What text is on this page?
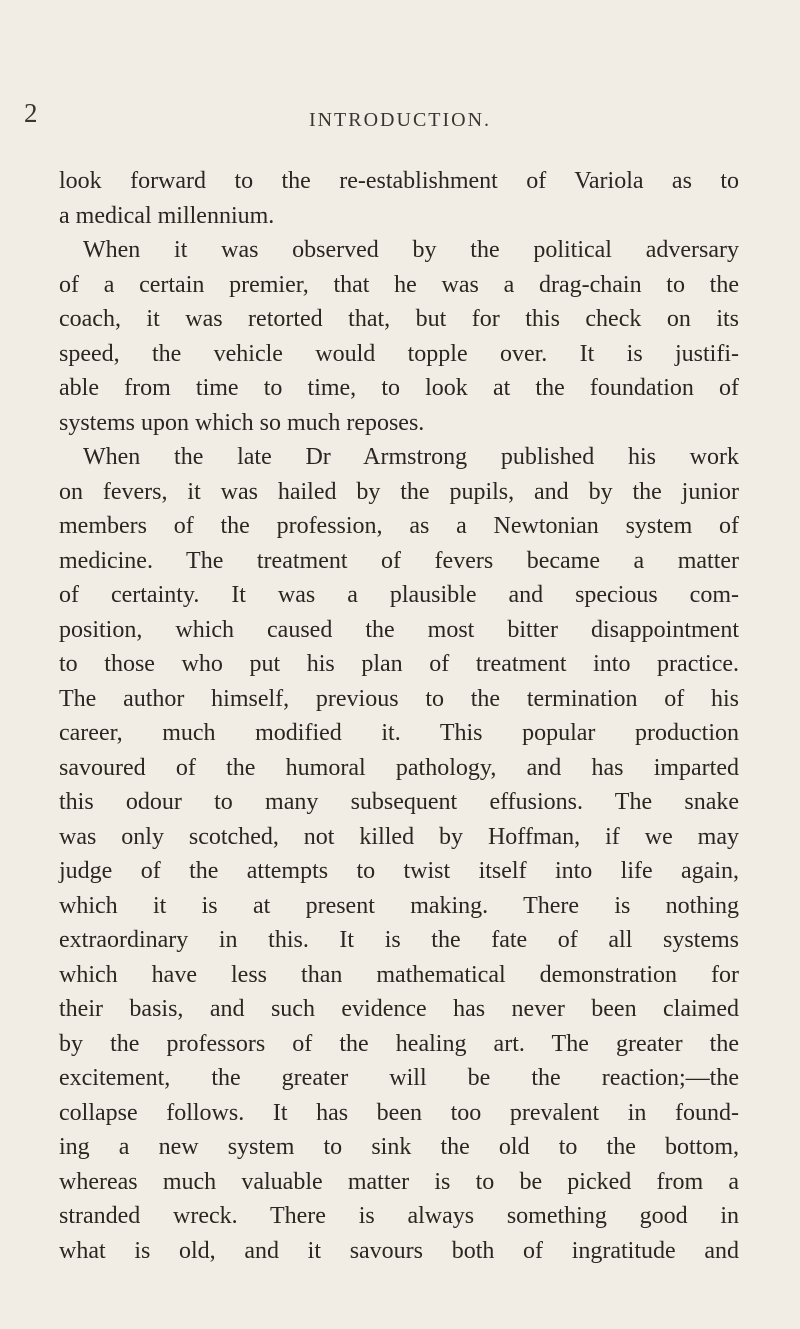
2	INTRODUCTION.
look forward to the re-establishment of Variola as to
a medical millennium.
When it was observed by the political adversary
of a certain premier, that he was a drag-chain to the
coach, it was retorted that, but for this check on its
speed, the vehicle would topple over. It is justifi-
able from time to time, to look at the foundation of
systems upon which so much reposes.
When the late Dr Armstrong published his work
on fevers, it was hailed by the pupils, and by the junior
members of the profession, as a Newtonian system of
medicine. The treatment of fevers became a matter
of certainty. It was a plausible and specious com-
position, which caused the most bitter disappointment
to those who put his plan of treatment into practice.
The author himself, previous to the termination of his
career, much modified it. This popular production
savoured of the humoral pathology, and has imparted
this odour to many subsequent effusions. The snake
was only scotched, not killed by Hoffman, if we may
judge of the attempts to twist itself into life again,
which it is at present making. There is nothing
extraordinary in this. It is the fate of all systems
which have less than mathematical demonstration for
their basis, and such evidence has never been claimed
by the professors of the healing art. The greater the
excitement, the greater will be the reaction;—the
collapse follows. It has been too prevalent in found-
ing a new system to sink the old to the bottom,
whereas much valuable matter is to be picked from a
stranded wreck. There is always something good in
what is old, and it savours both of ingratitude and
